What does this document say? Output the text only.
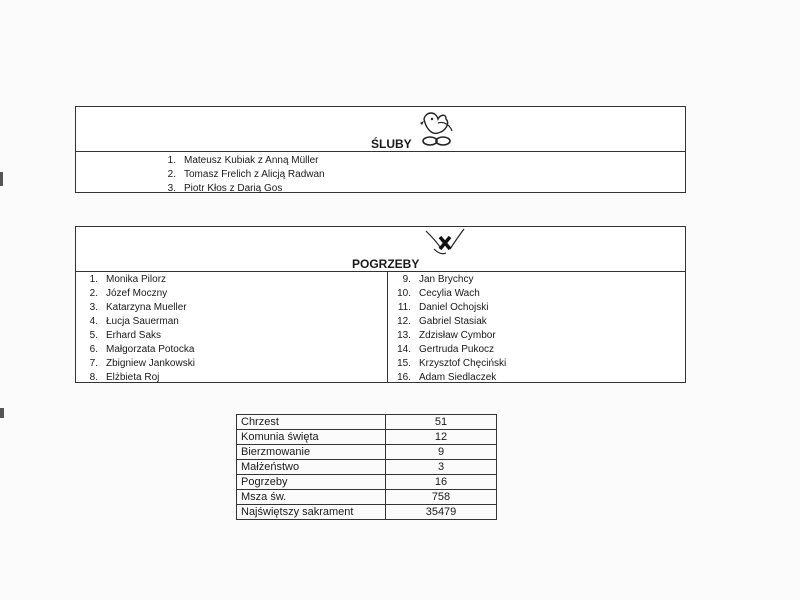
ŚLUBY
1. Mateusz Kubiak z Anną Müller
2. Tomasz Frelich z Alicją Radwan
3. Piotr Kłos z Darią Gos
POGRZEBY
1. Monika Pilorz
2. Józef Moczny
3. Katarzyna Mueller
4. Łucja Sauerman
5. Erhard Saks
6. Małgorzata Potocka
7. Zbigniew Jankowski
8. Elżbieta Roj
9. Jan Brychcy
10. Cecylia Wach
11. Daniel Ochojski
12. Gabriel Stasiak
13. Zdzisław Cymbor
14. Gertruda Pukocz
15. Krzysztof Chęciński
16. Adam Siedlaczek
Chrzest	51
Komunia święta	12
Bierzmowanie	9
Małżeństwo	3
Pogrzeby	16
Msza św.	758
Najświętszy sakrament	35479
